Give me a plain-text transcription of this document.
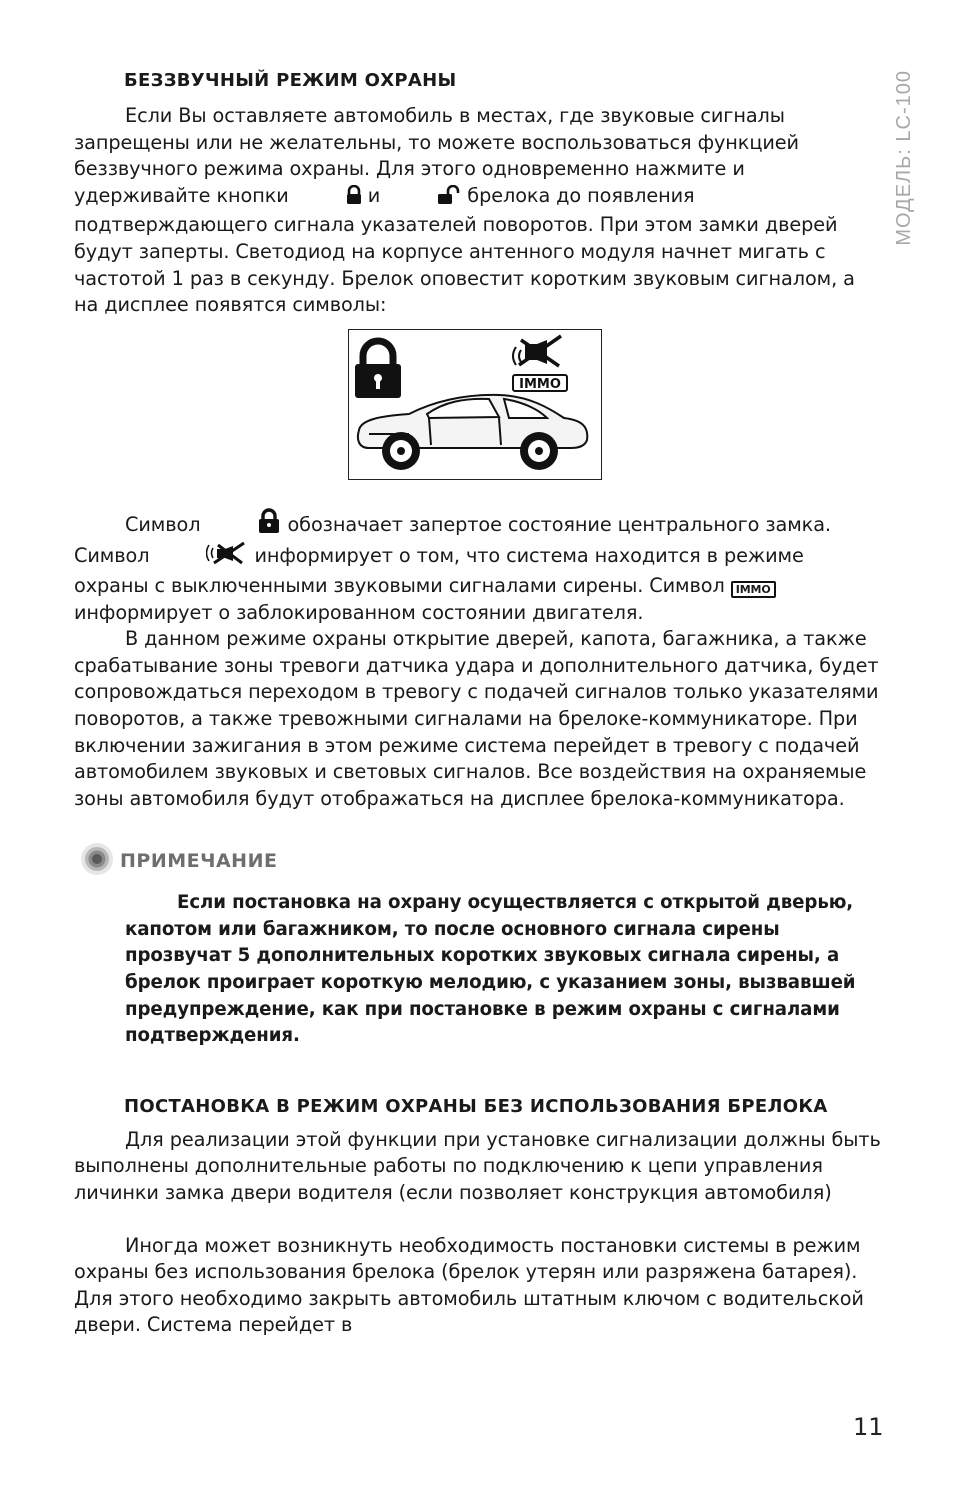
МОДЕЛЬ: LC-100
БЕЗЗВУЧНЫЙ РЕЖИМ ОХРАНЫ

Если Вы оставляете автомобиль в местах, где звуковые сигналы запрещены или не желательны, то можете воспользоваться функцией беззвучного режима охраны. Для этого одновременно нажмите и удерживайте кнопки	и	брелока до появления подтверждающего сигнала указателей поворотов. При этом замки дверей будут заперты. Светодиод на корпусе антенного модуля начнет мигать с частотой 1 раз в секунду. Брелок оповестит коротким звуковым сигналом, а на дисплее появятся символы:

IMMO

Символ	обозначает запертое состояние центрального замка. Символ	информирует о том, что система находится в режиме охраны с выключенными звуковыми сигналами сирены. Символ IMMO информирует о заблокированном состоянии двигателя.

В данном режиме охраны открытие дверей, капота, багажника, а также срабатывание зоны тревоги датчика удара и дополнительного датчика, будет сопровождаться переходом в тревогу с подачей сигналов только указателями поворотов, а также тревожными сигналами на брелоке-коммуникаторе. При включении зажигания в этом режиме система перейдет в тревогу с подачей автомобилем звуковых и световых сигналов. Все воздействия на охраняемые зоны автомобиля будут отображаться на дисплее брелока-коммуникатора.

ПРИМЕЧАНИЕ

Если постановка на охрану осуществляется с открытой дверью, капотом или багажником, то после основного сигнала сирены прозвучат 5 дополнительных коротких звуковых сигнала сирены, а брелок проиграет короткую мелодию, с указанием зоны, вызвавшей предупреждение, как при постановке в режим охраны с сигналами подтверждения.

ПОСТАНОВКА В РЕЖИМ ОХРАНЫ БЕЗ ИСПОЛЬЗОВАНИЯ БРЕЛОКА

Для реализации этой функции при установке сигнализации должны быть выполнены дополнительные работы по подключению к цепи управления личинки замка двери водителя (если позволяет конструкция автомобиля)

Иногда может возникнуть необходимость постановки системы в режим охраны без использования брелока (брелок утерян или разряжена батарея). Для этого необходимо закрыть автомобиль штатным ключом с водительской двери. Система перейдет в

11
